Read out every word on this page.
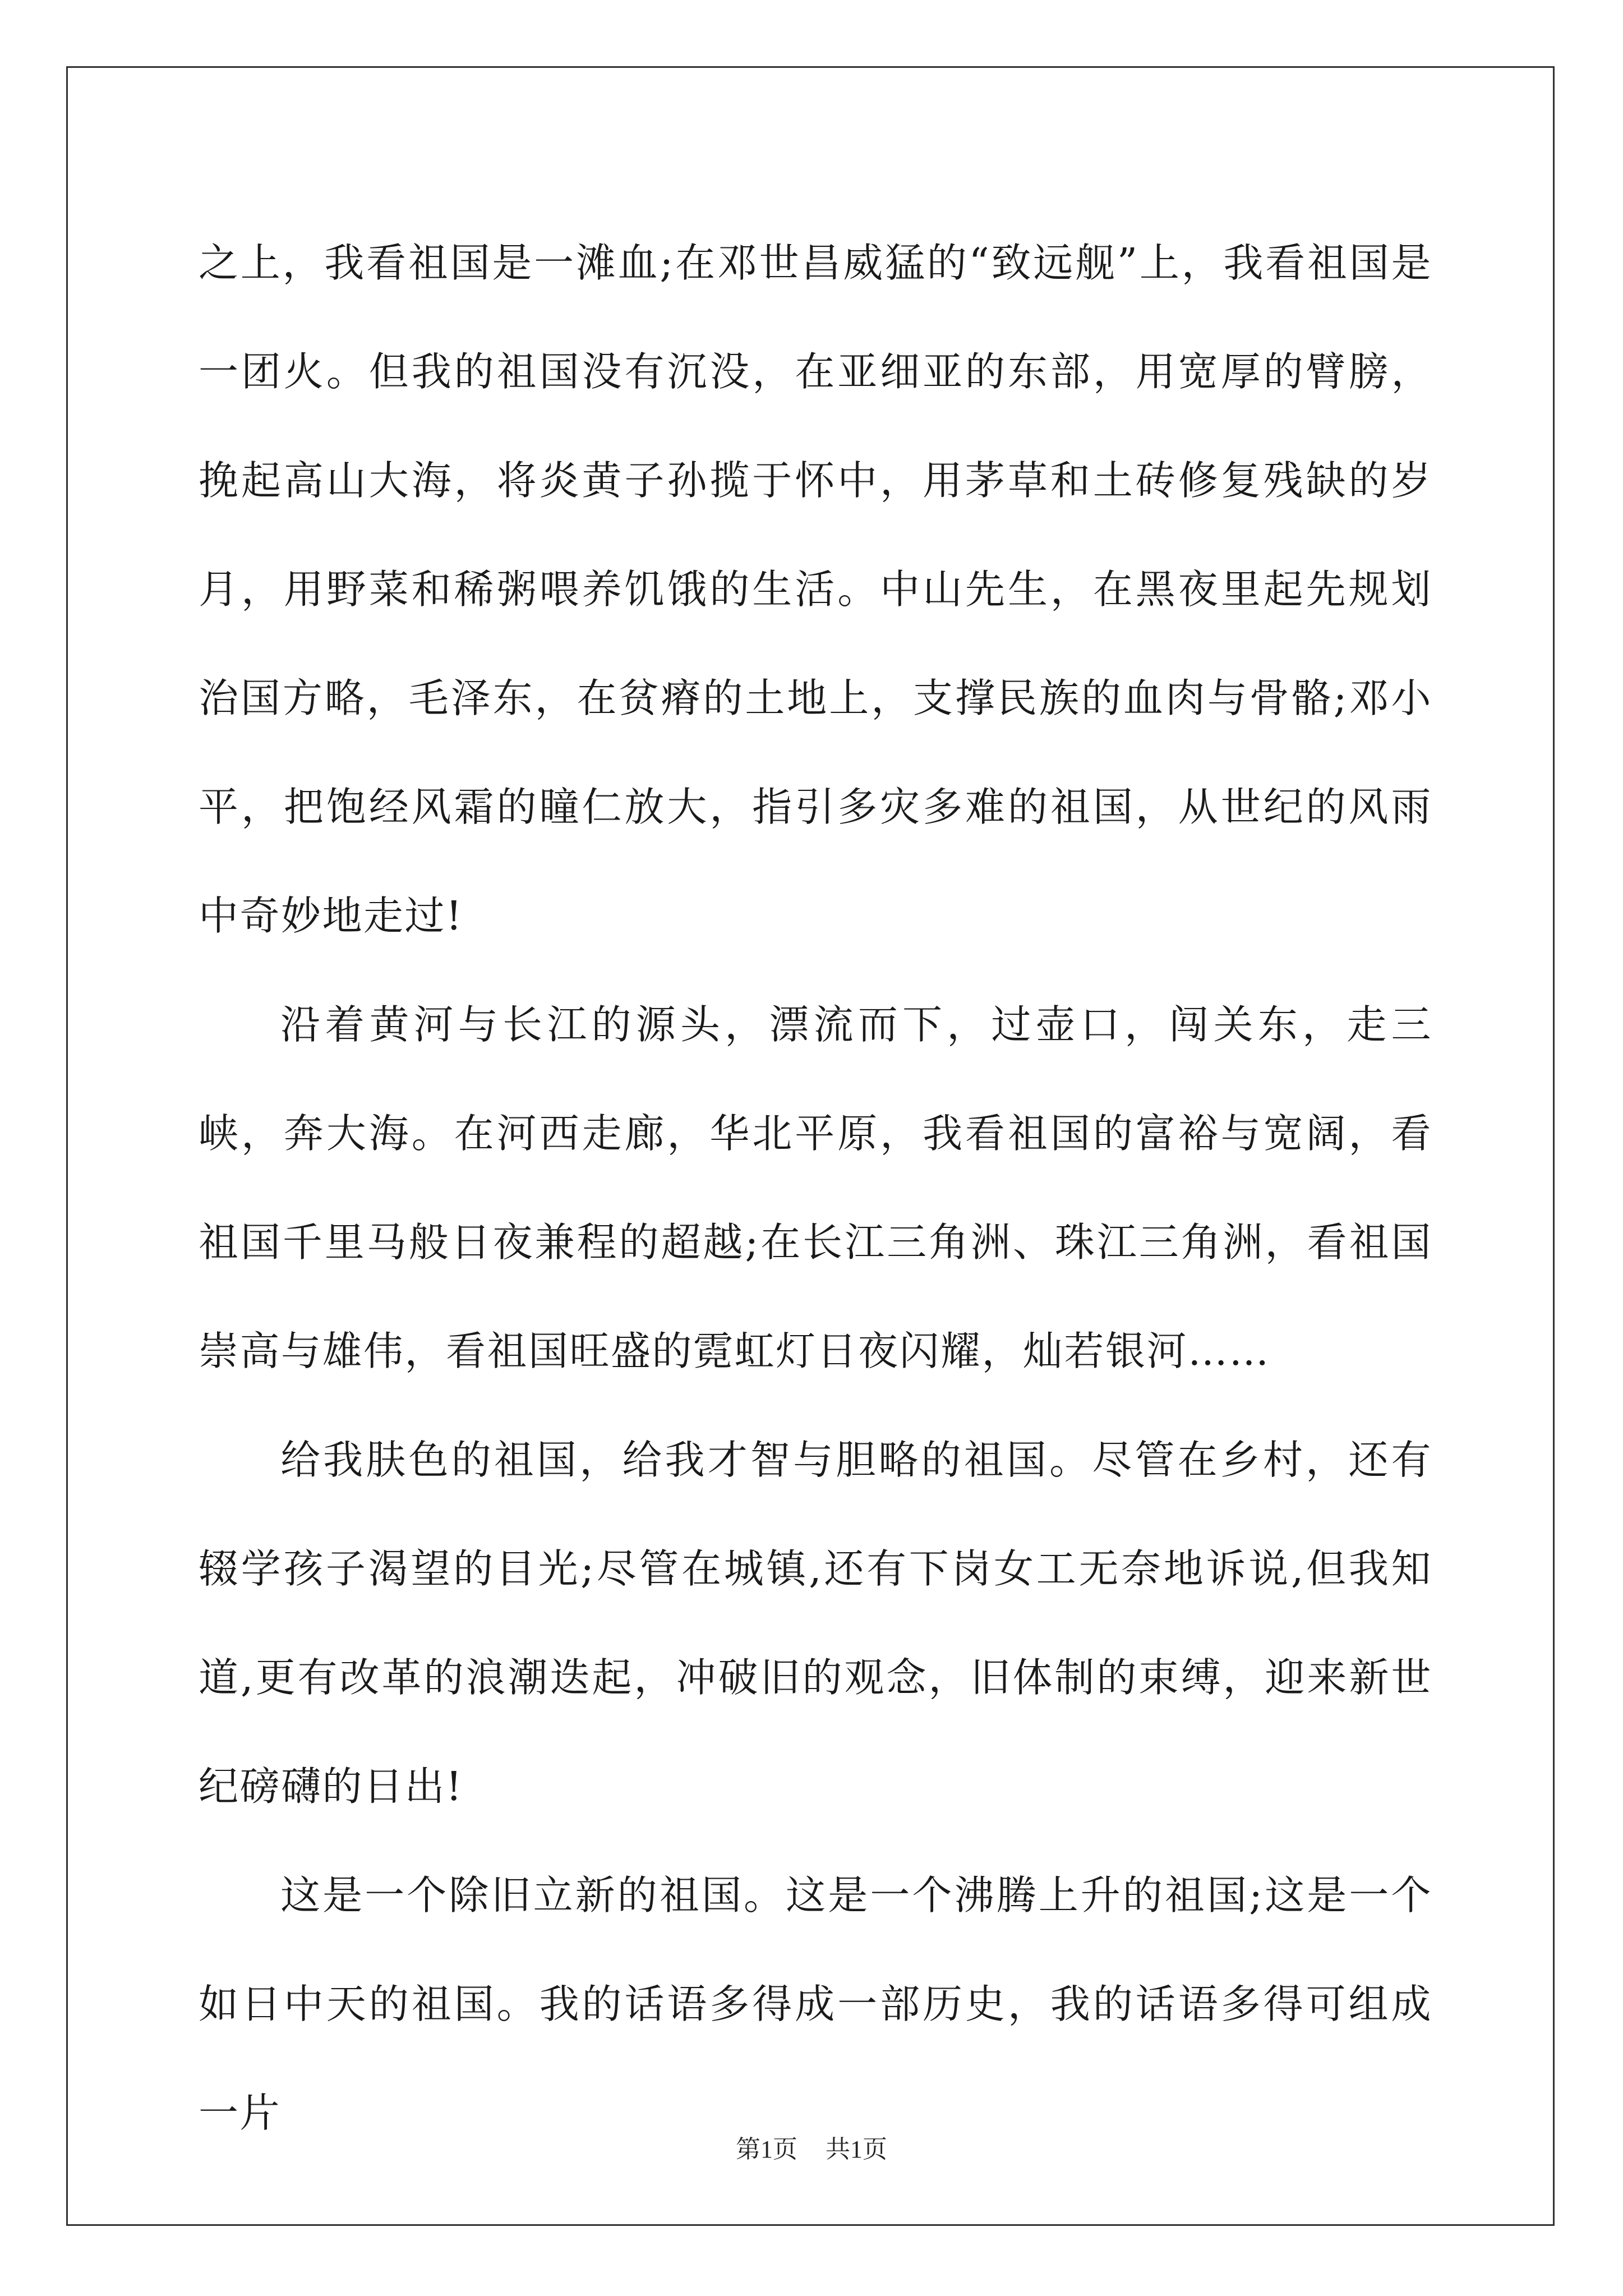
之上，我看祖国是一滩血;在邓世昌威猛的“致远舰”上，我看祖国是一团火。但我的祖国没有沉没，在亚细亚的东部，用宽厚的臂膀，挽起高山大海，将炎黄子孙揽于怀中，用茅草和土砖修复残缺的岁月，用野菜和稀粥喂养饥饿的生活。中山先生，在黑夜里起先规划治国方略，毛泽东，在贫瘠的土地上，支撑民族的血肉与骨骼;邓小平，把饱经风霜的瞳仁放大，指引多灾多难的祖国，从世纪的风雨中奇妙地走过!

沿着黄河与长江的源头，漂流而下，过壶口，闯关东，走三峡，奔大海。在河西走廊，华北平原，我看祖国的富裕与宽阔，看祖国千里马般日夜兼程的超越;在长江三角洲、珠江三角洲，看祖国崇高与雄伟，看祖国旺盛的霓虹灯日夜闪耀，灿若银河……

给我肤色的祖国，给我才智与胆略的祖国。尽管在乡村，还有辍学孩子渴望的目光;尽管在城镇,还有下岗女工无奈地诉说,但我知道,更有改革的浪潮迭起，冲破旧的观念，旧体制的束缚，迎来新世纪磅礴的日出!

这是一个除旧立新的祖国。这是一个沸腾上升的祖国;这是一个如日中天的祖国。我的话语多得成一部历史，我的话语多得可组成一片

第1页 共1页
